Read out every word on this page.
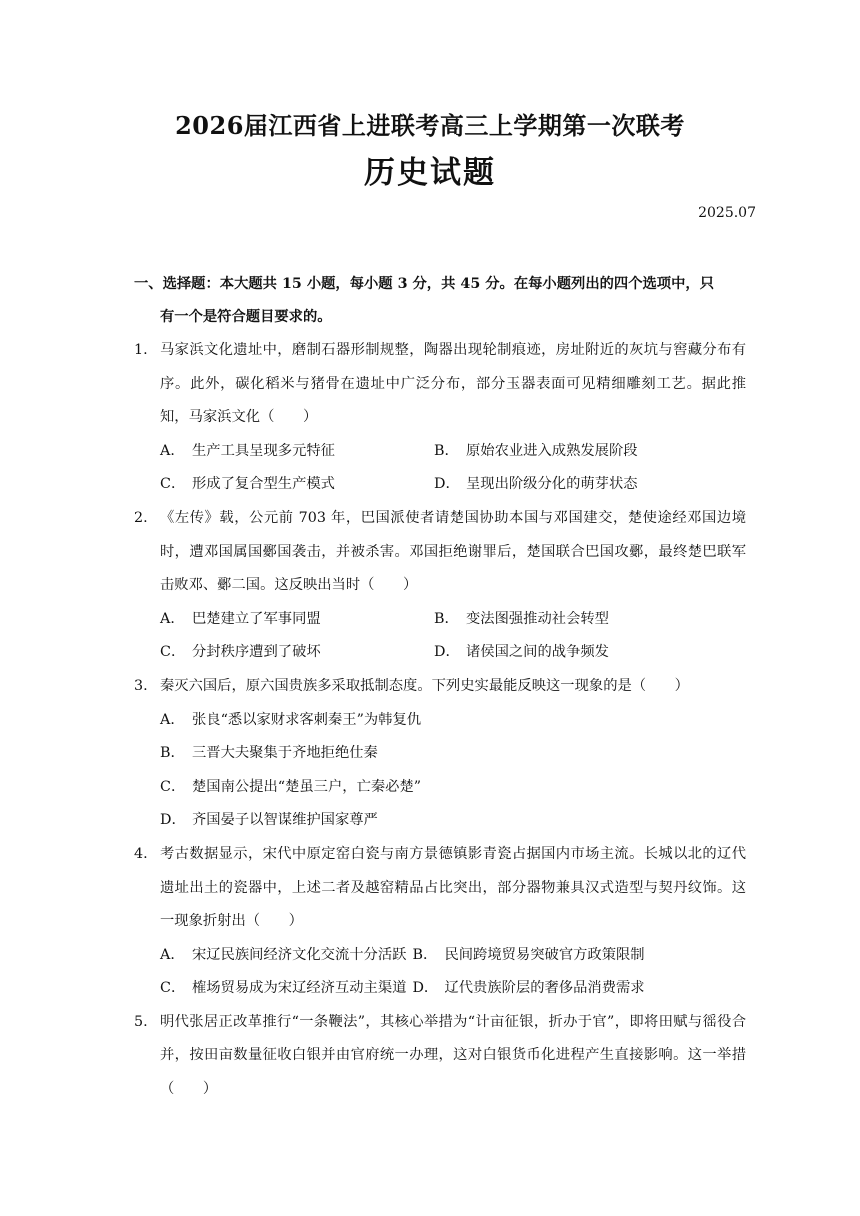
2026届江西省上进联考高三上学期第一次联考
历史试题
2025.07
一、选择题：本大题共 15 小题，每小题 3 分，共 45 分。在每小题列出的四个选项中，只
有一个是符合题目要求的。
1. 马家浜文化遗址中，磨制石器形制规整，陶器出现轮制痕迹，房址附近的灰坑与窖藏分布有序。此外，碳化稻米与猪骨在遗址中广泛分布，部分玉器表面可见精细雕刻工艺。据此推知，马家浜文化（　　）
A． 生产工具呈现多元特征	B． 原始农业进入成熟发展阶段
C． 形成了复合型生产模式	D． 呈现出阶级分化的萌芽状态
2. 《左传》载，公元前 703 年，巴国派使者请楚国协助本国与邓国建交，楚使途经邓国边境时，遭邓国属国鄾国袭击，并被杀害。邓国拒绝谢罪后，楚国联合巴国攻鄾，最终楚巴联军击败邓、鄾二国。这反映出当时（　　）
A． 巴楚建立了军事同盟	B． 变法图强推动社会转型
C． 分封秩序遭到了破坏	D． 诸侯国之间的战争频发
3. 秦灭六国后，原六国贵族多采取抵制态度。下列史实最能反映这一现象的是（　　）
A． 张良“悉以家财求客刺秦王”为韩复仇
B． 三晋大夫聚集于齐地拒绝仕秦
C． 楚国南公提出“楚虽三户，亡秦必楚”
D． 齐国晏子以智谋维护国家尊严
4. 考古数据显示，宋代中原定窑白瓷与南方景德镇影青瓷占据国内市场主流。长城以北的辽代遗址出土的瓷器中，上述二者及越窑精品占比突出，部分器物兼具汉式造型与契丹纹饰。这一现象折射出（　　）
A． 宋辽民族间经济文化交流十分活跃 B． 民间跨境贸易突破官方政策限制
C． 榷场贸易成为宋辽经济互动主渠道 D． 辽代贵族阶层的奢侈品消费需求
5. 明代张居正改革推行“一条鞭法”，其核心举措为“计亩征银，折办于官”，即将田赋与徭役合并，按田亩数量征收白银并由官府统一办理，这对白银货币化进程产生直接影响。这一举措（　　）
